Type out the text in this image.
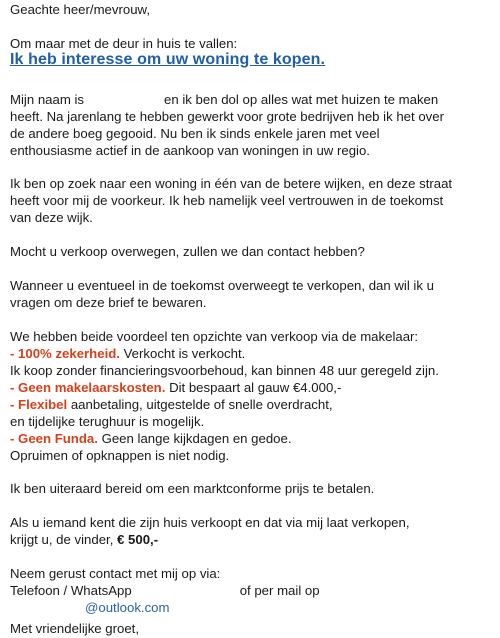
Geachte heer/mevrouw,
Om maar met de deur in huis te vallen:
Ik heb interesse om uw woning te kopen.
Mijn naam is	en ik ben dol op alles wat met huizen te maken
heeft. Na jarenlang te hebben gewerkt voor grote bedrijven heb ik het over
de andere boeg gegooid. Nu ben ik sinds enkele jaren met veel
enthousiasme actief in de aankoop van woningen in uw regio.
Ik ben op zoek naar een woning in één van de betere wijken, en deze straat
heeft voor mij de voorkeur. Ik heb namelijk veel vertrouwen in de toekomst
van deze wijk.
Mocht u verkoop overwegen, zullen we dan contact hebben?
Wanneer u eventueel in de toekomst overweegt te verkopen, dan wil ik u
vragen om deze brief te bewaren.
We hebben beide voordeel ten opzichte van verkoop via de makelaar:
- 100% zekerheid. Verkocht is verkocht.
Ik koop zonder financieringsvoorbehoud, kan binnen 48 uur geregeld zijn.
- Geen makelaarskosten. Dit bespaart al gauw €4.000,-
- Flexibel aanbetaling, uitgestelde of snelle overdracht,
en tijdelijke terughuur is mogelijk.
- Geen Funda. Geen lange kijkdagen en gedoe.
Opruimen of opknappen is niet nodig.
Ik ben uiteraard bereid om een marktconforme prijs te betalen.
Als u iemand kent die zijn huis verkoopt en dat via mij laat verkopen,
krijgt u, de vinder, € 500,-
Neem gerust contact met mij op via:
Telefoon / WhatsApp	of per mail op
@outlook.com
Met vriendelijke groet,
